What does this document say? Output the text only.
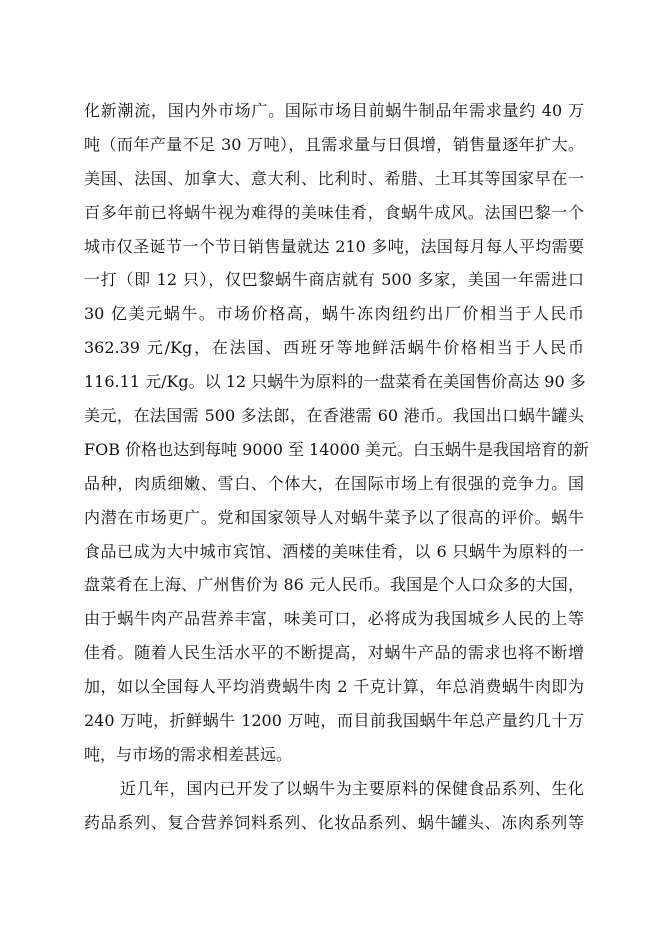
化新潮流，国内外市场广。国际市场目前蜗牛制品年需求量约 40 万
吨（而年产量不足 30 万吨），且需求量与日俱增，销售量逐年扩大。
美国、法国、加拿大、意大利、比利时、希腊、土耳其等国家早在一
百多年前已将蜗牛视为难得的美味佳肴，食蜗牛成风。法国巴黎一个
城市仅圣诞节一个节日销售量就达 210 多吨，法国每月每人平均需要
一打（即 12 只），仅巴黎蜗牛商店就有 500 多家，美国一年需进口
30 亿美元蜗牛。市场价格高，蜗牛冻肉纽约出厂价相当于人民币
362.39 元/Kg，在法国、西班牙等地鲜活蜗牛价格相当于人民币
116.11 元/Kg。以 12 只蜗牛为原料的一盘菜肴在美国售价高达 90 多
美元，在法国需 500 多法郎，在香港需 60 港币。我国出口蜗牛罐头
FOB 价格也达到每吨 9000 至 14000 美元。白玉蜗牛是我国培育的新
品种，肉质细嫩、雪白、个体大，在国际市场上有很强的竞争力。国
内潜在市场更广。党和国家领导人对蜗牛菜予以了很高的评价。蜗牛
食品已成为大中城市宾馆、酒楼的美味佳肴，以 6 只蜗牛为原料的一
盘菜肴在上海、广州售价为 86 元人民币。我国是个人口众多的大国，
由于蜗牛肉产品营养丰富，味美可口，必将成为我国城乡人民的上等
佳肴。随着人民生活水平的不断提高，对蜗牛产品的需求也将不断增
加，如以全国每人平均消费蜗牛肉 2 千克计算，年总消费蜗牛肉即为
240 万吨，折鲜蜗牛 1200 万吨，而目前我国蜗牛年总产量约几十万
吨，与市场的需求相差甚远。
近几年，国内已开发了以蜗牛为主要原料的保健食品系列、生化
药品系列、复合营养饲料系列、化妆品系列、蜗牛罐头、冻肉系列等
